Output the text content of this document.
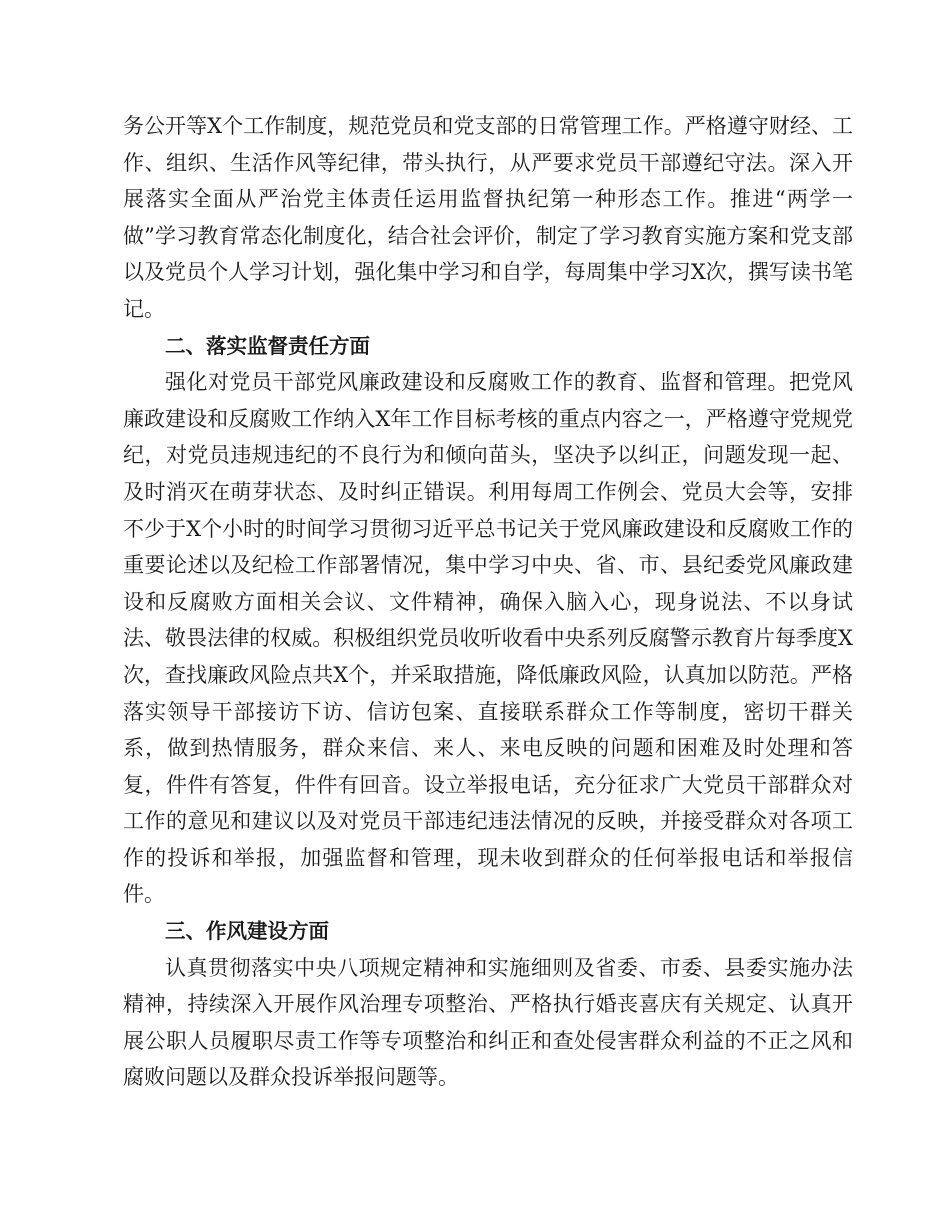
务公开等X个工作制度，规范党员和党支部的日常管理工作。严格遵守财经、工作、组织、生活作风等纪律，带头执行，从严要求党员干部遵纪守法。深入开展落实全面从严治党主体责任运用监督执纪第一种形态工作。推进“两学一做”学习教育常态化制度化，结合社会评价，制定了学习教育实施方案和党支部以及党员个人学习计划，强化集中学习和自学，每周集中学习X次，撰写读书笔记。

二、落实监督责任方面

强化对党员干部党风廉政建设和反腐败工作的教育、监督和管理。把党风廉政建设和反腐败工作纳入X年工作目标考核的重点内容之一，严格遵守党规党纪，对党员违规违纪的不良行为和倾向苗头，坚决予以纠正，问题发现一起、及时消灭在萌芽状态、及时纠正错误。利用每周工作例会、党员大会等，安排不少于X个小时的时间学习贯彻习近平总书记关于党风廉政建设和反腐败工作的重要论述以及纪检工作部署情况，集中学习中央、省、市、县纪委党风廉政建设和反腐败方面相关会议、文件精神，确保入脑入心，现身说法、不以身试法、敬畏法律的权威。积极组织党员收听收看中央系列反腐警示教育片每季度X次，查找廉政风险点共X个，并采取措施，降低廉政风险，认真加以防范。严格落实领导干部接访下访、信访包案、直接联系群众工作等制度，密切干群关系，做到热情服务，群众来信、来人、来电反映的问题和困难及时处理和答复，件件有答复，件件有回音。设立举报电话，充分征求广大党员干部群众对工作的意见和建议以及对党员干部违纪违法情况的反映，并接受群众对各项工作的投诉和举报，加强监督和管理，现未收到群众的任何举报电话和举报信件。

三、作风建设方面

认真贯彻落实中央八项规定精神和实施细则及省委、市委、县委实施办法精神，持续深入开展作风治理专项整治、严格执行婚丧喜庆有关规定、认真开展公职人员履职尽责工作等专项整治和纠正和查处侵害群众利益的不正之风和腐败问题以及群众投诉举报问题等。
